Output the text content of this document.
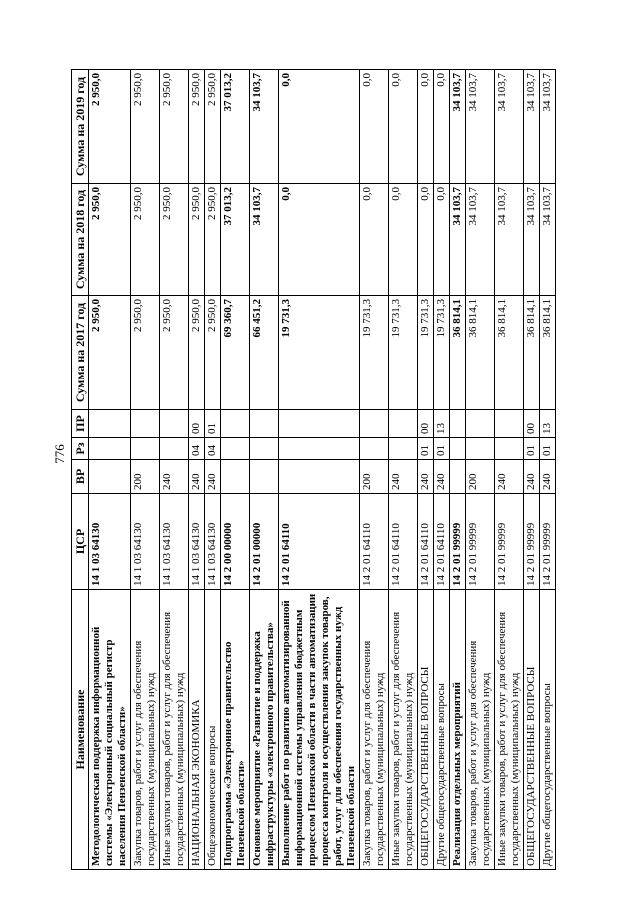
776
Наименование	ЦСР	ВР	Рз	ПР	Сумма на 2017 год	Сумма на 2018 год	Сумма на 2019 год
Методологическая поддержка информационной системы «Электронный социальный регистр населения Пензенской области»	14 1 03 64130				2 950,0	2 950,0	2 950,0
Закупка товаров, работ и услуг для обеспечения государственных (муниципальных) нужд	14 1 03 64130	200			2 950,0	2 950,0	2 950,0
Иные закупки товаров, работ и услуг для обеспечения государственных (муниципальных) нужд	14 1 03 64130	240			2 950,0	2 950,0	2 950,0
НАЦИОНАЛЬНАЯ ЭКОНОМИКА	14 1 03 64130	240	04	00	2 950,0	2 950,0	2 950,0
Общеэкономические вопросы	14 1 03 64130	240	04	01	2 950,0	2 950,0	2 950,0
Подпрограмма «Электронное правительство Пензенской области»	14 2 00 00000				69 360,7	37 013,2	37 013,2
Основное мероприятие «Развитие и поддержка инфраструктуры «электронного правительства»	14 2 01 00000				66 451,2	34 103,7	34 103,7
Выполнение работ по развитию автоматизированной информационной системы управления бюджетным процессом Пензенской области в части автоматизации процесса контроля и осуществления закупок товаров, работ, услуг для обеспечения государственных нужд Пензенской области	14 2 01 64110				19 731,3	0,0	0,0
Закупка товаров, работ и услуг для обеспечения государственных (муниципальных) нужд	14 2 01 64110	200			19 731,3	0,0	0,0
Иные закупки товаров, работ и услуг для обеспечения государственных (муниципальных) нужд	14 2 01 64110	240			19 731,3	0,0	0,0
ОБЩЕГОСУДАРСТВЕННЫЕ ВОПРОСЫ	14 2 01 64110	240	01	00	19 731,3	0,0	0,0
Другие общегосударственные вопросы	14 2 01 64110	240	01	13	19 731,3	0,0	0,0
Реализация отдельных мероприятий	14 2 01 99999				36 814,1	34 103,7	34 103,7
Закупка товаров, работ и услуг для обеспечения государственных (муниципальных) нужд	14 2 01 99999	200			36 814,1	34 103,7	34 103,7
Иные закупки товаров, работ и услуг для обеспечения государственных (муниципальных) нужд	14 2 01 99999	240			36 814,1	34 103,7	34 103,7
ОБЩЕГОСУДАРСТВЕННЫЕ ВОПРОСЫ	14 2 01 99999	240	01	00	36 814,1	34 103,7	34 103,7
Другие общегосударственные вопросы	14 2 01 99999	240	01	13	36 814,1	34 103,7	34 103,7
